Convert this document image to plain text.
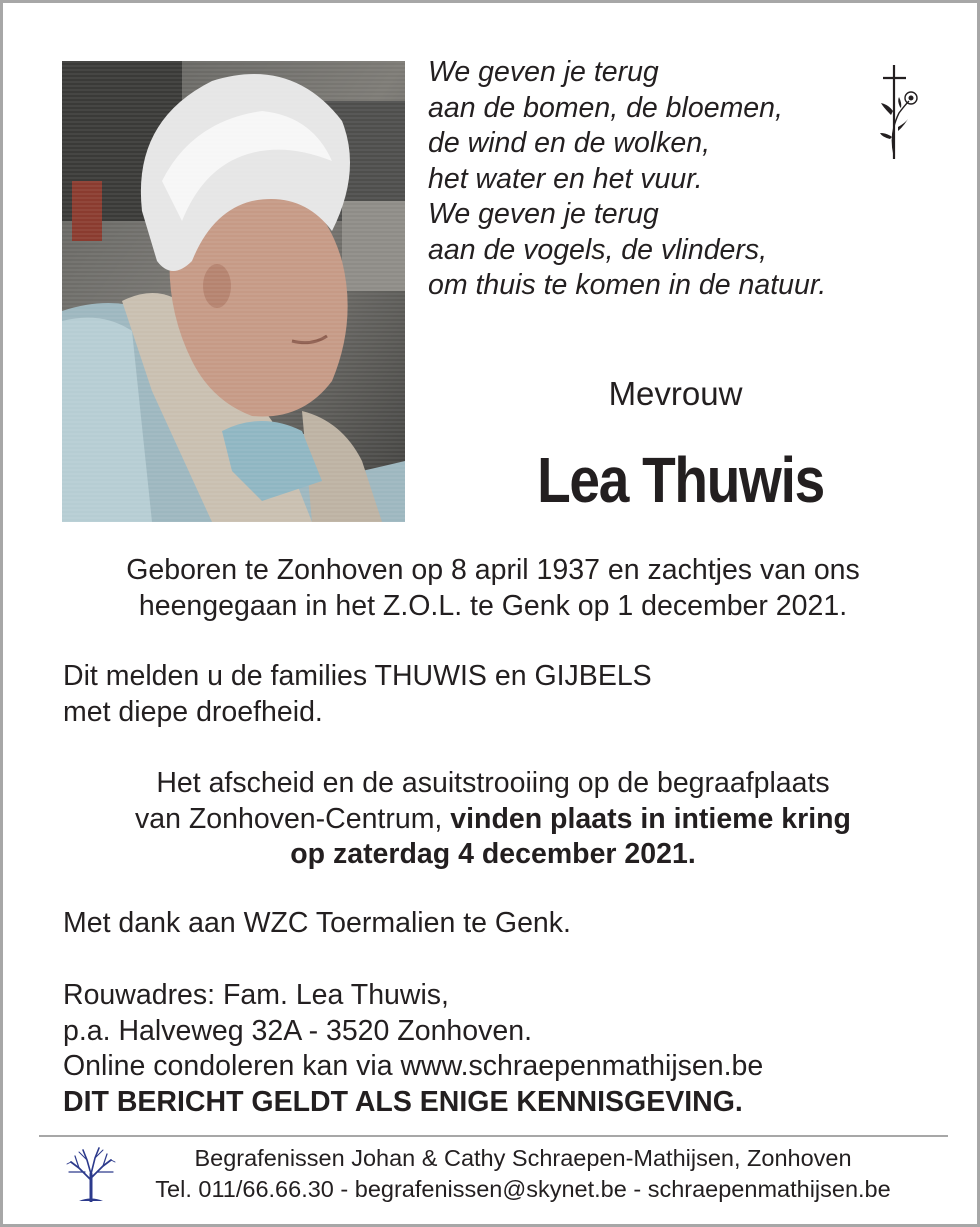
We geven je terug
aan de bomen, de bloemen,
de wind en de wolken,
het water en het vuur.
We geven je terug
aan de vogels, de vlinders,
om thuis te komen in de natuur.
Mevrouw
Lea Thuwis
Geboren te Zonhoven op 8 april 1937 en zachtjes van ons
heengegaan in het Z.O.L. te Genk op 1 december 2021.
Dit melden u de families THUWIS en GIJBELS
met diepe droefheid.
Het afscheid en de asuitstrooiing op de begraafplaats
van Zonhoven-Centrum, vinden plaats in intieme kring
op zaterdag 4 december 2021.
Met dank aan WZC Toermalien te Genk.
Rouwadres: Fam. Lea Thuwis,
p.a. Halveweg 32A - 3520 Zonhoven.
Online condoleren kan via www.schraepenmathijsen.be
DIT BERICHT GELDT ALS ENIGE KENNISGEVING.
Begrafenissen Johan & Cathy Schraepen-Mathijsen, Zonhoven
Tel. 011/66.66.30 - begrafenissen@skynet.be - schraepenmathijsen.be
